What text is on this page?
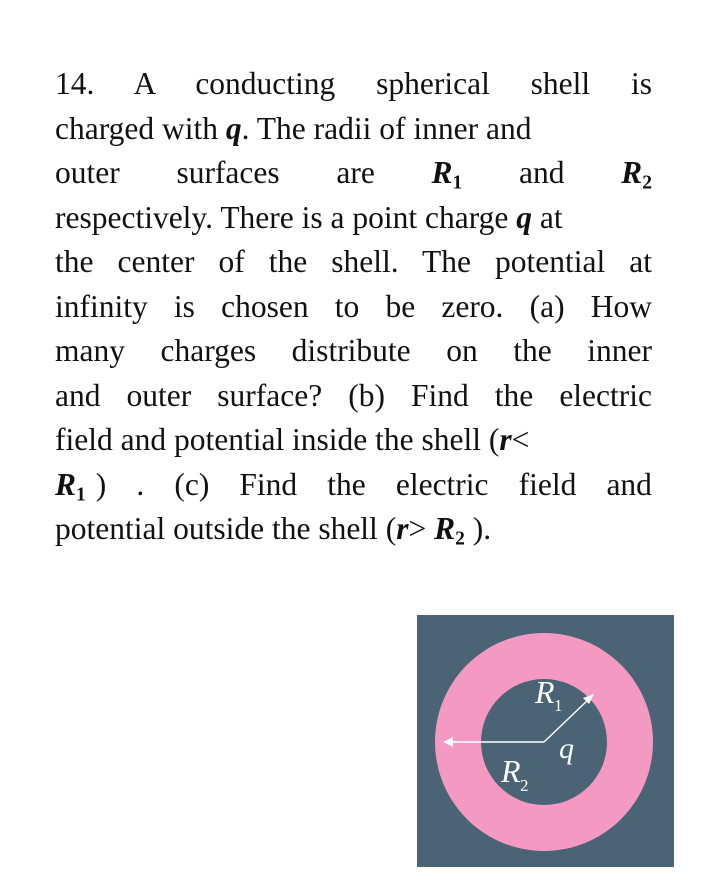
14. A conducting spherical shell is
charged with q. The radii of inner and
outer surfaces are $R_1$ and $R_2$
respectively. There is a point charge q at
the center of the shell. The potential at
infinity is chosen to be zero. (a) How
many charges distribute on the inner
and outer surface? (b) Find the electric
field and potential inside the shell (r<
$R_1$ ) . (c) Find the electric field and
potential outside the shell ($r> R_2$ ).
R 1
R 2
q q
